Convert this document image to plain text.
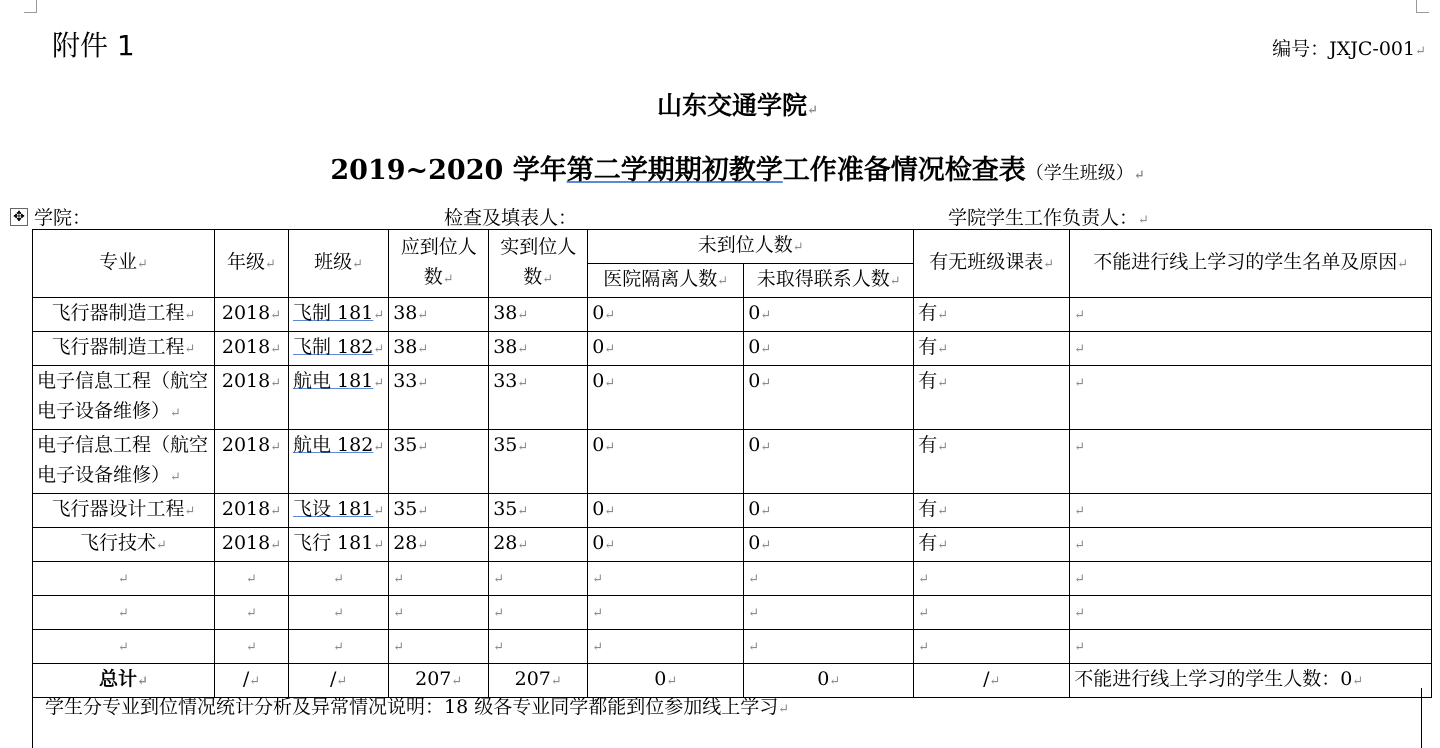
附件 1	编号：JXJC-001↵
山东交通学院↵
2019~2020 学年第二学期期初教学工作准备情况检查表（学生班级）↵
✥ 学院：	检查及填表人：	学院学生工作负责人：↵
专业↵	年级↵	班级↵	应到位人数↵	实到位人数↵	未到位人数↵		有无班级课表↵	不能进行线上学习的学生名单及原因↵
					医院隔离人数↵	未取得联系人数↵		
飞行器制造工程↵	2018↵	飞制 181↵	38↵	38↵	0↵	0↵	有↵	↵
飞行器制造工程↵	2018↵	飞制 182↵	38↵	38↵	0↵	0↵	有↵	↵
电子信息工程（航空电子设备维修）↵	2018↵	航电 181↵	33↵	33↵	0↵	0↵	有↵	↵
电子信息工程（航空电子设备维修）↵	2018↵	航电 182↵	35↵	35↵	0↵	0↵	有↵	↵
飞行器设计工程↵	2018↵	飞设 181↵	35↵	35↵	0↵	0↵	有↵	↵
飞行技术↵	2018↵	飞行 181↵	28↵	28↵	0↵	0↵	有↵	↵
↵	↵	↵	↵	↵	↵	↵	↵	↵
↵	↵	↵	↵	↵	↵	↵	↵	↵
↵	↵	↵	↵	↵	↵	↵	↵	↵
总计↵	/↵	/↵	207↵	207↵	0↵	0↵	/↵	不能进行线上学习的学生人数：0↵
学生分专业到位情况统计分析及异常情况说明：18 级各专业同学都能到位参加线上学习↵
